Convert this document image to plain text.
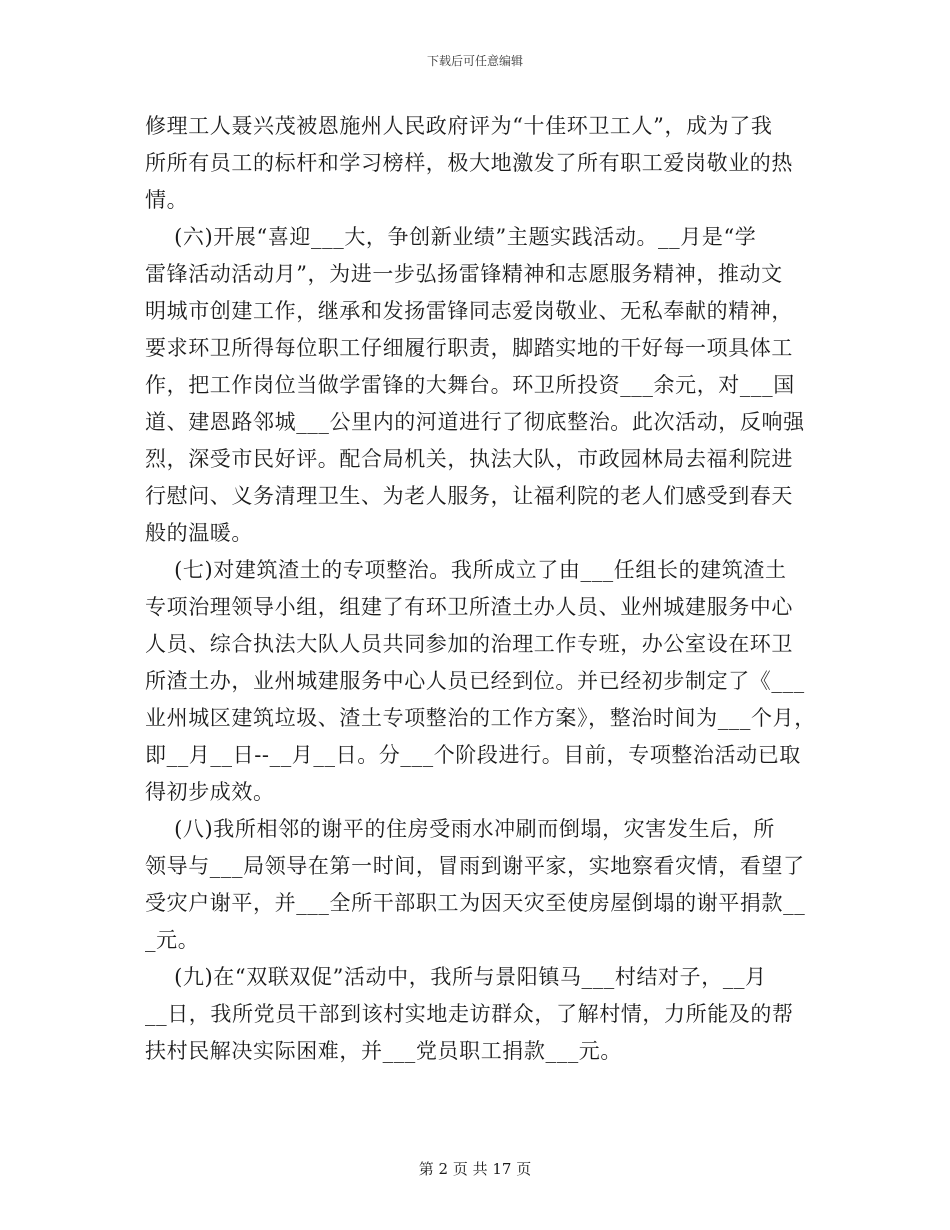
下载后可任意编辑
修理工人聂兴茂被恩施州人民政府评为“十佳环卫工人”，成为了我
所所有员工的标杆和学习榜样，极大地激发了所有职工爱岗敬业的热
情。
(六)开展“喜迎___大，争创新业绩”主题实践活动。__月是“学
雷锋活动活动月”，为进一步弘扬雷锋精神和志愿服务精神，推动文
明城市创建工作，继承和发扬雷锋同志爱岗敬业、无私奉献的精神，
要求环卫所得每位职工仔细履行职责，脚踏实地的干好每一项具体工
作，把工作岗位当做学雷锋的大舞台。环卫所投资___余元，对___国
道、建恩路邻城___公里内的河道进行了彻底整治。此次活动，反响强
烈，深受市民好评。配合局机关，执法大队，市政园林局去福利院进
行慰问、义务清理卫生、为老人服务，让福利院的老人们感受到春天
般的温暖。
(七)对建筑渣土的专项整治。我所成立了由___任组长的建筑渣土
专项治理领导小组，组建了有环卫所渣土办人员、业州城建服务中心
人员、综合执法大队人员共同参加的治理工作专班，办公室设在环卫
所渣土办，业州城建服务中心人员已经到位。并已经初步制定了《___
业州城区建筑垃圾、渣土专项整治的工作方案》，整治时间为___个月，
即__月__日--__月__日。分___个阶段进行。目前，专项整治活动已取
得初步成效。
(八)我所相邻的谢平的住房受雨水冲刷而倒塌，灾害发生后，所
领导与___局领导在第一时间，冒雨到谢平家，实地察看灾情，看望了
受灾户谢平，并___全所干部职工为因天灾至使房屋倒塌的谢平捐款__
_元。
(九)在“双联双促”活动中，我所与景阳镇马___村结对子，__月
__日，我所党员干部到该村实地走访群众，了解村情，力所能及的帮
扶村民解决实际困难，并___党员职工捐款___元。
第 2 页 共 17 页
